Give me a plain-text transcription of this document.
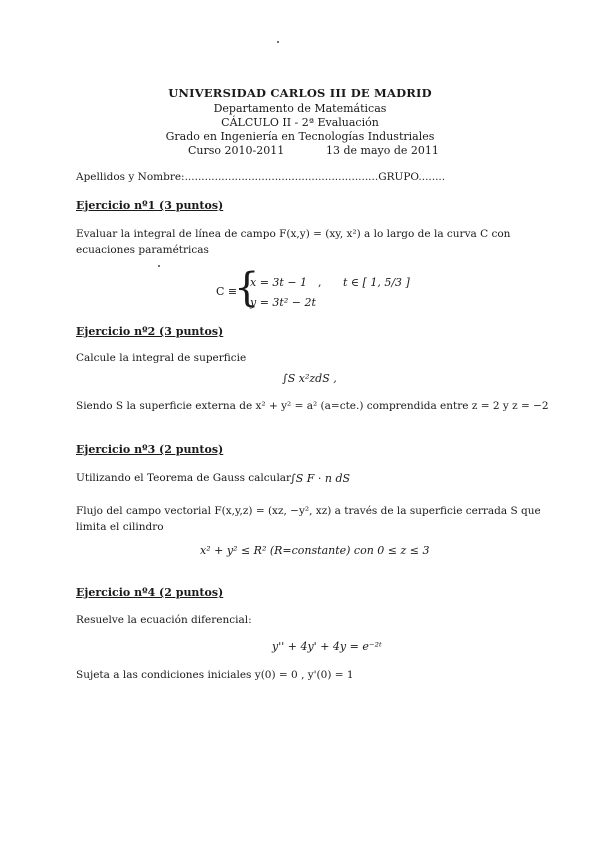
UNIVERSIDAD CARLOS III DE MADRID
Departamento de Matemáticas
CÁLCULO II - 2ª Evaluación
Grado en Ingeniería en Tecnologías Industriales
Curso 2010-2011	13 de mayo de 2011
Apellidos y Nombre:..........................................................GRUPO........
Ejercicio nº1 (3 puntos)
Evaluar la integral de línea de campo F(x,y) = (xy, x²) a lo largo de la curva C con
ecuaciones paramétricas
C ≡
{
x = 3t − 1
y = 3t² − 2t
, t ∈ [ 1, 5/3 ]
Ejercicio nº2 (3 puntos)
Calcule la integral de superficie
∫S x²zdS ,
Siendo S la superficie externa de x² + y² = a² (a=cte.) comprendida entre z = 2 y z = −2
Ejercicio nº3 (2 puntos)
Utilizando el Teorema de Gauss calcular
∫S F · n dS
Flujo del campo vectorial F(x,y,z) = (xz, −y², xz) a través de la superficie cerrada S que
limita el cilindro
x² + y² ≤ R² (R=constante) con 0 ≤ z ≤ 3
Ejercicio nº4 (2 puntos)
Resuelve la ecuación diferencial:
y'' + 4y' + 4y = e⁻²ᵗ
Sujeta a las condiciones iniciales y(0) = 0 , y'(0) = 1
